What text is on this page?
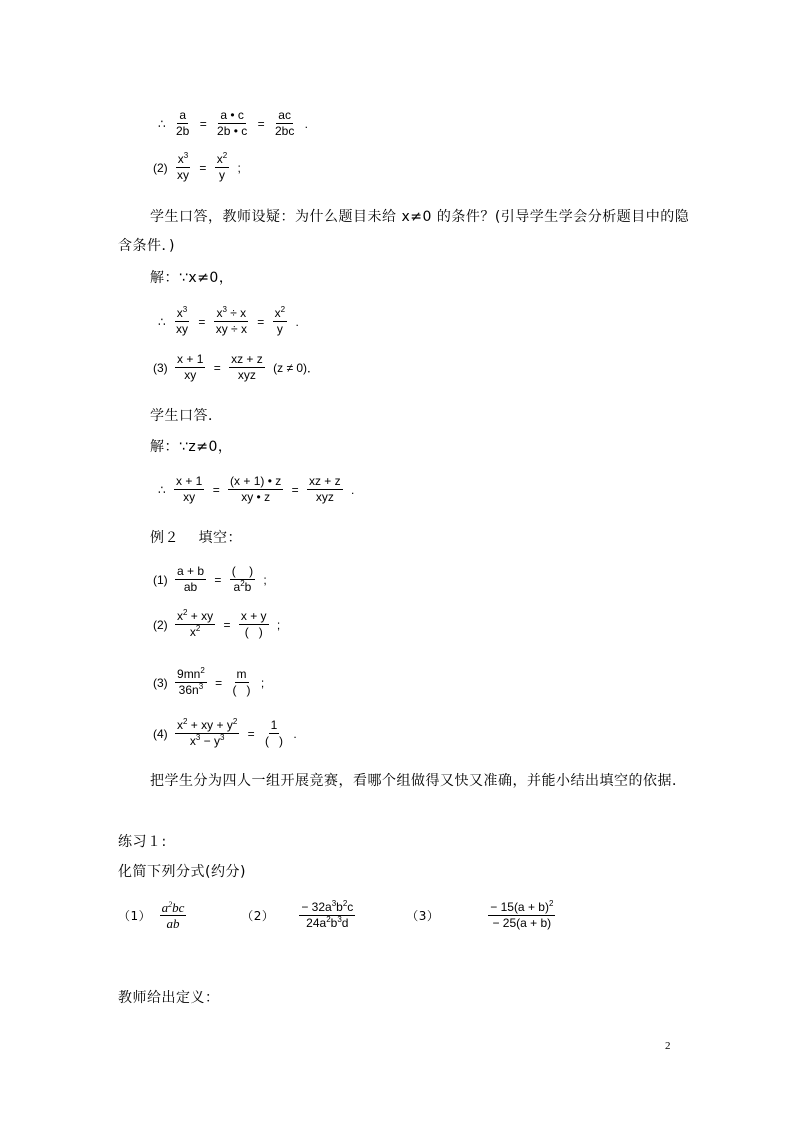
∴ $\frac{a}{2b} = \frac{a • c}{2b • c} = \frac{ac}{2bc}$ .
$(2) \frac{x^3}{xy} = \frac{x^2}{y}$ ;
学生口答，教师设疑：为什么题目未给 x≠0 的条件？(引导学生学会分析题目中的隐
含条件．)
解：∵x≠0，
∴ $\frac{x^3}{xy} = \frac{x^3 \div x}{xy \div x} = \frac{x^2}{y}$ .
$(3) \frac{x + 1}{xy} = \frac{xz + z}{\text{xyz}} (z \ne 0)$．
学生口答．
解：∵z≠0，
∴ $\frac{x + 1}{xy} = \frac{(x + 1) • z}{xy • z} = \frac{xz + z}{\text{xyz}}$ .
例２　 填空：
$(1) \frac{a + b}{ab} = \frac{( )}{a^2b}$ ;
$(2) \frac{x^2 + xy}{x^2} = \frac{x + y}{( )}$ ;
$(3) \frac{9mn^2}{36n^3} = \frac{m}{( )}$ ;
$(4) \frac{x^2 + xy + y^2}{x^3 - y^3} = \frac{1}{( )}$ .
把学生分为四人一组开展竞赛，看哪个组做得又快又准确，并能小结出填空的依据．
练习１:
化简下列分式(约分)
$(1) \frac{a^2bc}{ab}$	$(2) \frac{- 32a^3b^2c}{24a^2b^3d}$	（3）	$\frac{- 15(a + b)^2}{- 25(a + b)}$
教师给出定义：
2
